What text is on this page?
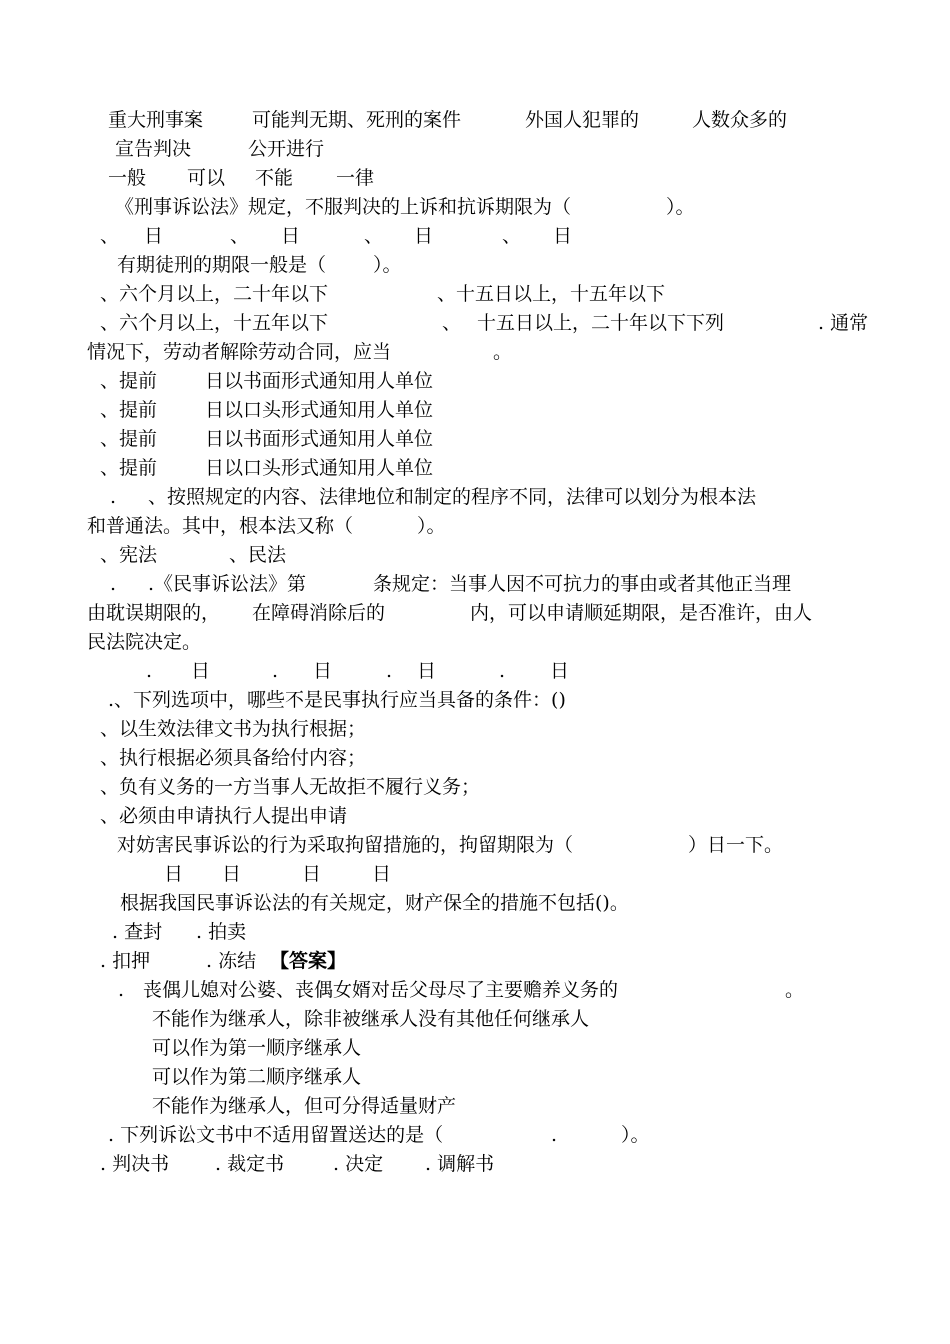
重大刑事案	可能判无期、死刑的案件	外国人犯罪的	人数众多的
宣告判决	公开进行
一般 可以 不能 一律
《刑事诉讼法》规定，不服判决的上诉和抗诉期限为（	）。
、 日	、 日	、 日	、 日
有期徒刑的期限一般是（ ）。
、六个月以上，二十年以下	、十五日以上，十五年以下
、六个月以上，十五年以下	、 十五日以上，二十年以下下列	. 通常
情况下，劳动者解除劳动合同，应当	。
、提前	日以书面形式通知用人单位
、提前	日以口头形式通知用人单位
、提前	日以书面形式通知用人单位
、提前	日以口头形式通知用人单位
. 、按照规定的内容、法律地位和制定的程序不同，法律可以划分为根本法
和普通法。其中，根本法又称（	）。
、宪法	、民法
. .《民事诉讼法》第	条规定：当事人因不可抗力的事由或者其他正当理
由耽误期限的， 在障碍消除后的	内，可以申请顺延期限，是否准许，由人
民法院决定。
. 日	. 日	. 日	. 日
.、下列选项中，哪些不是民事执行应当具备的条件：()
、以生效法律文书为执行根据；
、执行根据必须具备给付内容；
、负有义务的一方当事人无故拒不履行义务；
、必须由申请执行人提出申请
对妨害民事诉讼的行为采取拘留措施的，拘留期限为（	）日一下。
日 日	日	日
根据我国民事诉讼法的有关规定，财产保全的措施不包括()。
. 查封 . 拍卖
. 扣押	. 冻结 【答案】
. 丧偶儿媳对公婆、丧偶女婿对岳父母尽了主要赡养义务的	。
不能作为继承人，除非被继承人没有其他任何继承人
可以作为第一顺序继承人
可以作为第二顺序继承人
不能作为继承人，但可分得适量财产
. 下列诉讼文书中不适用留置送达的是（	.	）。
. 判决书 . 裁定书	. 决定 . 调解书
